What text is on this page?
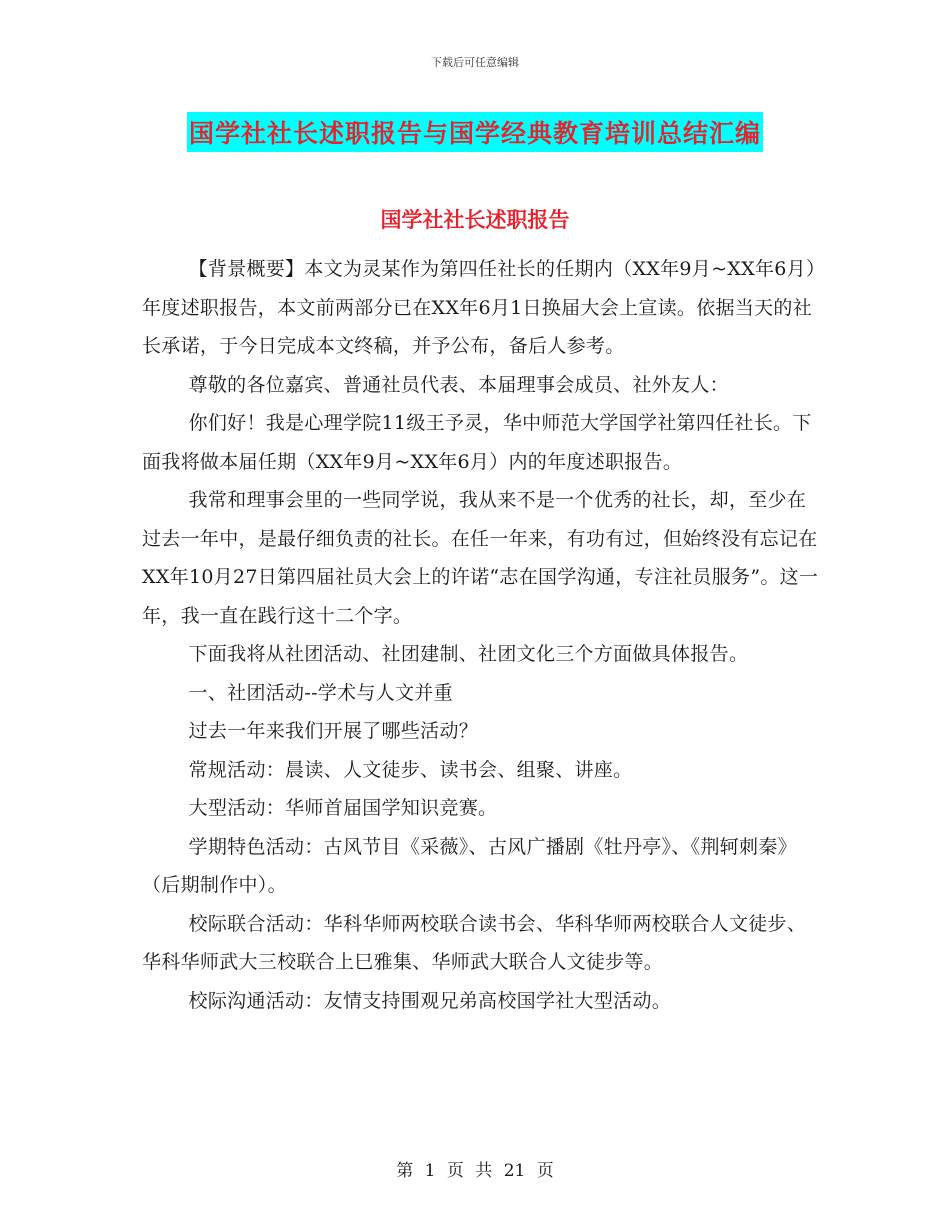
下载后可任意编辑
国学社社长述职报告与国学经典教育培训总结汇编
国学社社长述职报告

【背景概要】本文为灵某作为第四任社长的任期内（XX年9月~XX年6月）年度述职报告，本文前两部分已在XX年6月1日换届大会上宣读。依据当天的社长承诺，于今日完成本文终稿，并予公布，备后人参考。

尊敬的各位嘉宾、普通社员代表、本届理事会成员、社外友人：

你们好！我是心理学院11级王予灵，华中师范大学国学社第四任社长。下面我将做本届任期（XX年9月~XX年6月）内的年度述职报告。

我常和理事会里的一些同学说，我从来不是一个优秀的社长，却，至少在过去一年中，是最仔细负责的社长。在任一年来，有功有过，但始终没有忘记在XX年10月27日第四届社员大会上的许诺“志在国学沟通，专注社员服务”。这一年，我一直在践行这十二个字。

下面我将从社团活动、社团建制、社团文化三个方面做具体报告。

一、社团活动--学术与人文并重

过去一年来我们开展了哪些活动？

常规活动：晨读、人文徒步、读书会、组聚、讲座。

大型活动：华师首届国学知识竞赛。

学期特色活动：古风节目《采薇》、古风广播剧《牡丹亭》、《荆轲刺秦》（后期制作中）。

校际联合活动：华科华师两校联合读书会、华科华师两校联合人文徒步、华科华师武大三校联合上巳雅集、华师武大联合人文徒步等。

校际沟通活动：友情支持围观兄弟高校国学社大型活动。

第 1 页 共 21 页
